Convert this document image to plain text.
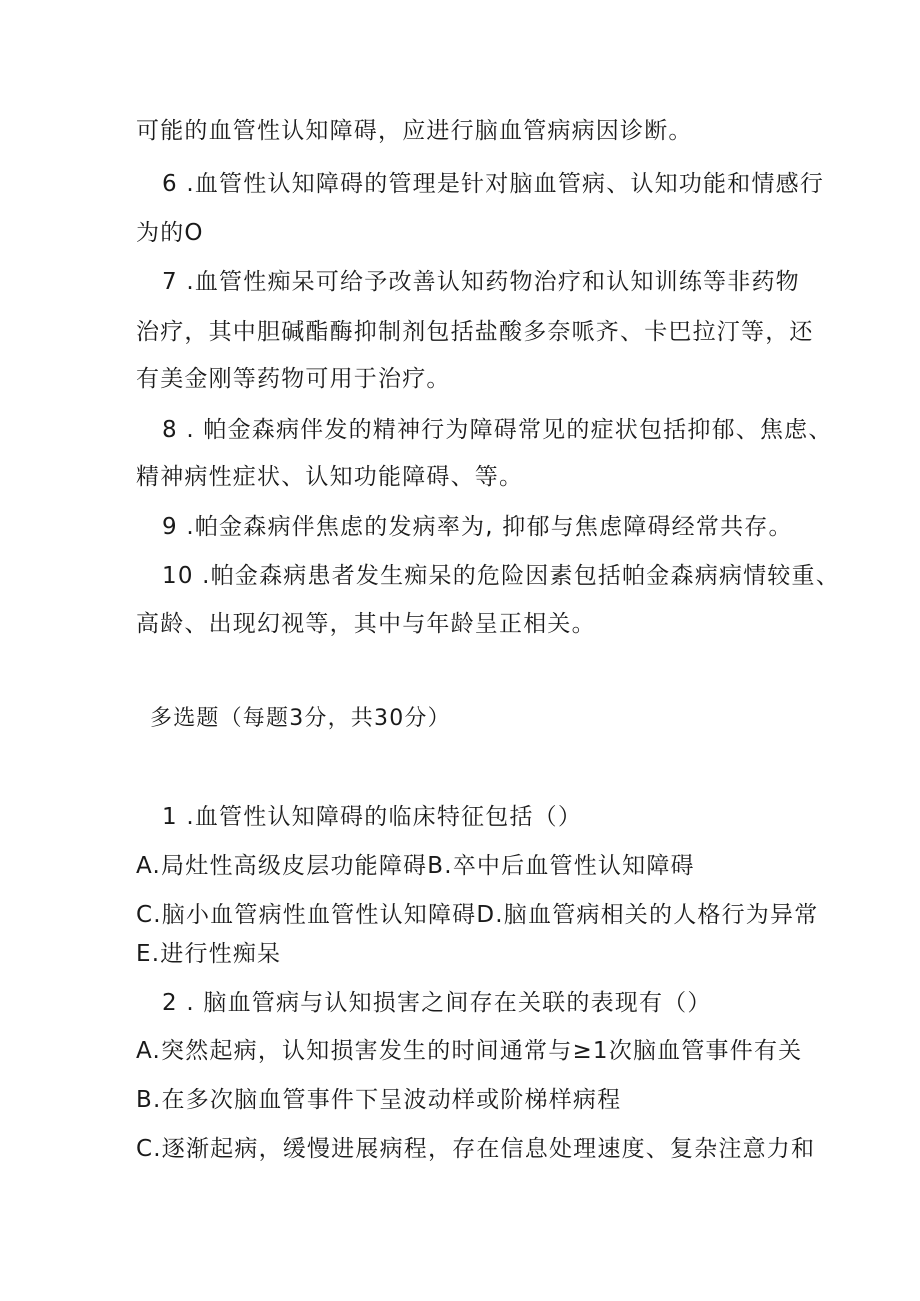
可能的血管性认知障碍，应进行脑血管病病因诊断。
6 .血管性认知障碍的管理是针对脑血管病、认知功能和情感行
为的O
7 .血管性痴呆可给予改善认知药物治疗和认知训练等非药物
治疗，其中胆碱酯酶抑制剂包括盐酸多奈哌齐、卡巴拉汀等，还
有美金刚等药物可用于治疗。
8 . 帕金森病伴发的精神行为障碍常见的症状包括抑郁、焦虑、
精神病性症状、认知功能障碍、等。
9 .帕金森病伴焦虑的发病率为, 抑郁与焦虑障碍经常共存。
10 .帕金森病患者发生痴呆的危险因素包括帕金森病病情较重、
高龄、出现幻视等，其中与年龄呈正相关。
多选题（每题3分，共30分）
1 .血管性认知障碍的临床特征包括（）
A.局灶性高级皮层功能障碍B.卒中后血管性认知障碍
C.脑小血管病性血管性认知障碍D.脑血管病相关的人格行为异常
E.进行性痴呆
2 . 脑血管病与认知损害之间存在关联的表现有（）
A.突然起病，认知损害发生的时间通常与≥1次脑血管事件有关
B.在多次脑血管事件下呈波动样或阶梯样病程
C.逐渐起病，缓慢进展病程，存在信息处理速度、复杂注意力和
